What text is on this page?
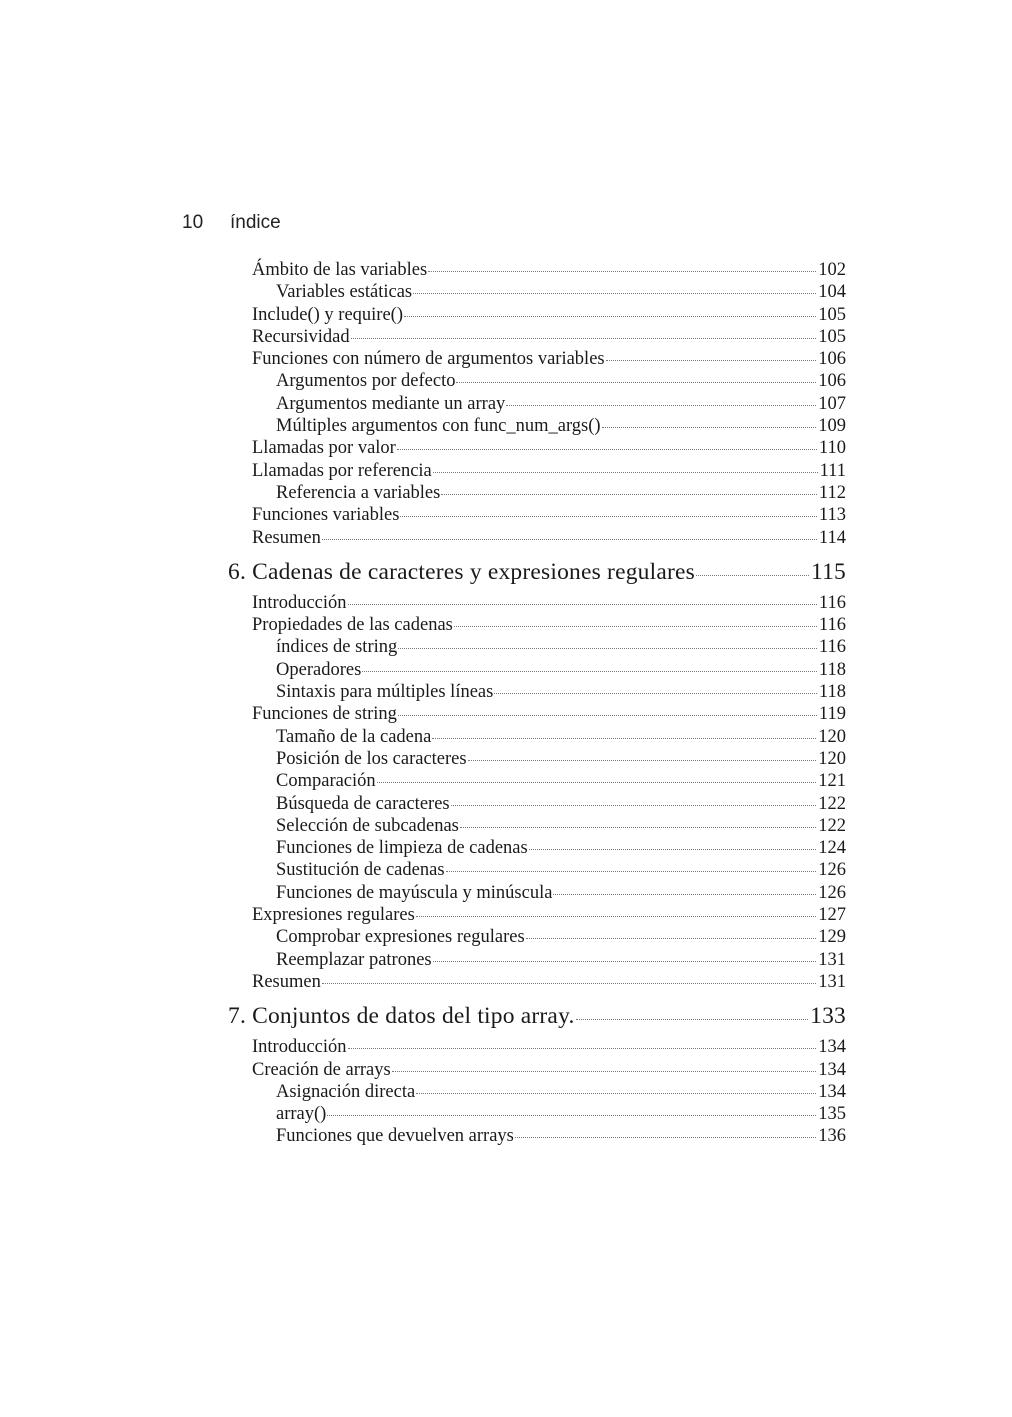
10 índice
Ámbito de las variables	102
Variables estáticas	104
Include() y require()	105
Recursividad	105
Funciones con número de argumentos variables	106
Argumentos por defecto	106
Argumentos mediante un array	107
Múltiples argumentos con func_num_args()	109
Llamadas por valor	110
Llamadas por referencia	111
Referencia a variables	112
Funciones variables	113
Resumen	114
6. Cadenas de caracteres y expresiones regulares	115
Introducción	116
Propiedades de las cadenas	116
índices de string	116
Operadores	118
Sintaxis para múltiples líneas	118
Funciones de string	119
Tamaño de la cadena	120
Posición de los caracteres	120
Comparación	121
Búsqueda de caracteres	122
Selección de subcadenas	122
Funciones de limpieza de cadenas	124
Sustitución de cadenas	126
Funciones de mayúscula y minúscula	126
Expresiones regulares	127
Comprobar expresiones regulares	129
Reemplazar patrones	131
Resumen	131
7. Conjuntos de datos del tipo array.	133
Introducción	134
Creación de arrays	134
Asignación directa	134
array()	135
Funciones que devuelven arrays	136
